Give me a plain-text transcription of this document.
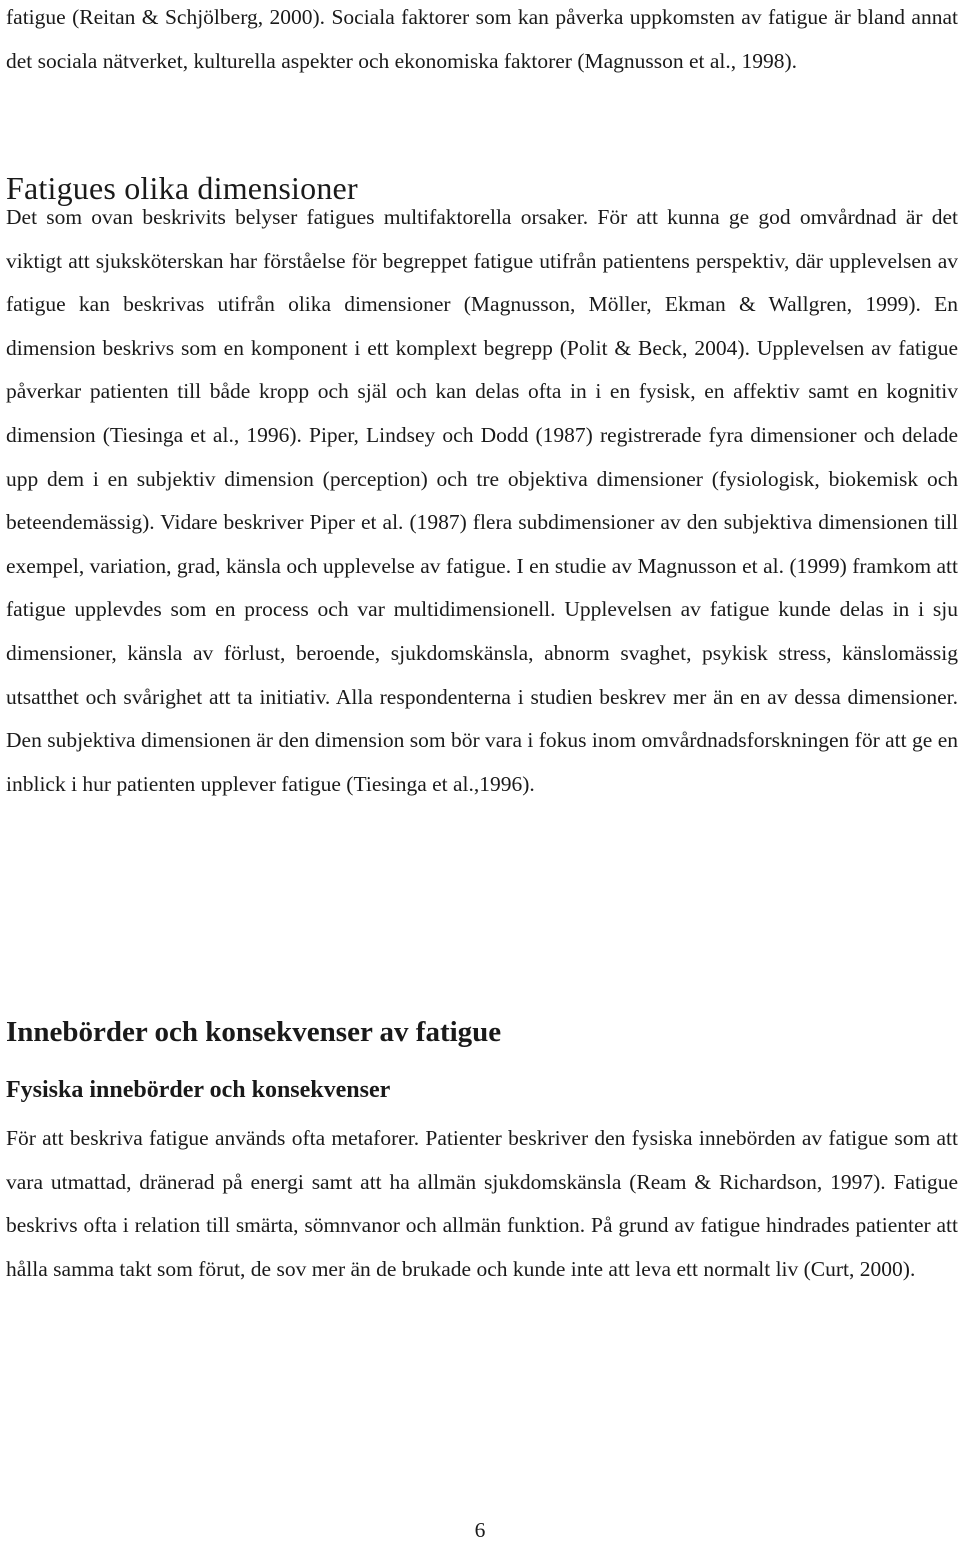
fatigue (Reitan & Schjölberg, 2000). Sociala faktorer som kan påverka uppkomsten av fatigue är bland annat det sociala nätverket, kulturella aspekter och ekonomiska faktorer (Magnusson et al., 1998).

Fatigues olika dimensioner

Det som ovan beskrivits belyser fatigues multifaktorella orsaker. För att kunna ge god omvårdnad är det viktigt att sjuksköterskan har förståelse för begreppet fatigue utifrån patientens perspektiv, där upplevelsen av fatigue kan beskrivas utifrån olika dimensioner (Magnusson, Möller, Ekman & Wallgren, 1999). En dimension beskrivs som en komponent i ett komplext begrepp (Polit & Beck, 2004). Upplevelsen av fatigue påverkar patienten till både kropp och själ och kan delas ofta in i en fysisk, en affektiv samt en kognitiv dimension (Tiesinga et al., 1996). Piper, Lindsey och Dodd (1987) registrerade fyra dimensioner och delade upp dem i en subjektiv dimension (perception) och tre objektiva dimensioner (fysiologisk, biokemisk och beteendemässig). Vidare beskriver Piper et al. (1987) flera subdimensioner av den subjektiva dimensionen till exempel, variation, grad, känsla och upplevelse av fatigue. I en studie av Magnusson et al. (1999) framkom att fatigue upplevdes som en process och var multidimensionell. Upplevelsen av fatigue kunde delas in i sju dimensioner, känsla av förlust, beroende, sjukdomskänsla, abnorm svaghet, psykisk stress, känslomässig utsatthet och svårighet att ta initiativ. Alla respondenterna i studien beskrev mer än en av dessa dimensioner. Den subjektiva dimensionen är den dimension som bör vara i fokus inom omvårdnadsforskningen för att ge en inblick i hur patienten upplever fatigue (Tiesinga et al.,1996).

Innebörder och konsekvenser av fatigue
Fysiska innebörder och konsekvenser

För att beskriva fatigue används ofta metaforer. Patienter beskriver den fysiska innebörden av fatigue som att vara utmattad, dränerad på energi samt att ha allmän sjukdomskänsla (Ream & Richardson, 1997). Fatigue beskrivs ofta i relation till smärta, sömnvanor och allmän funktion. På grund av fatigue hindrades patienter att hålla samma takt som förut, de sov mer än de brukade och kunde inte att leva ett normalt liv (Curt, 2000).

6
